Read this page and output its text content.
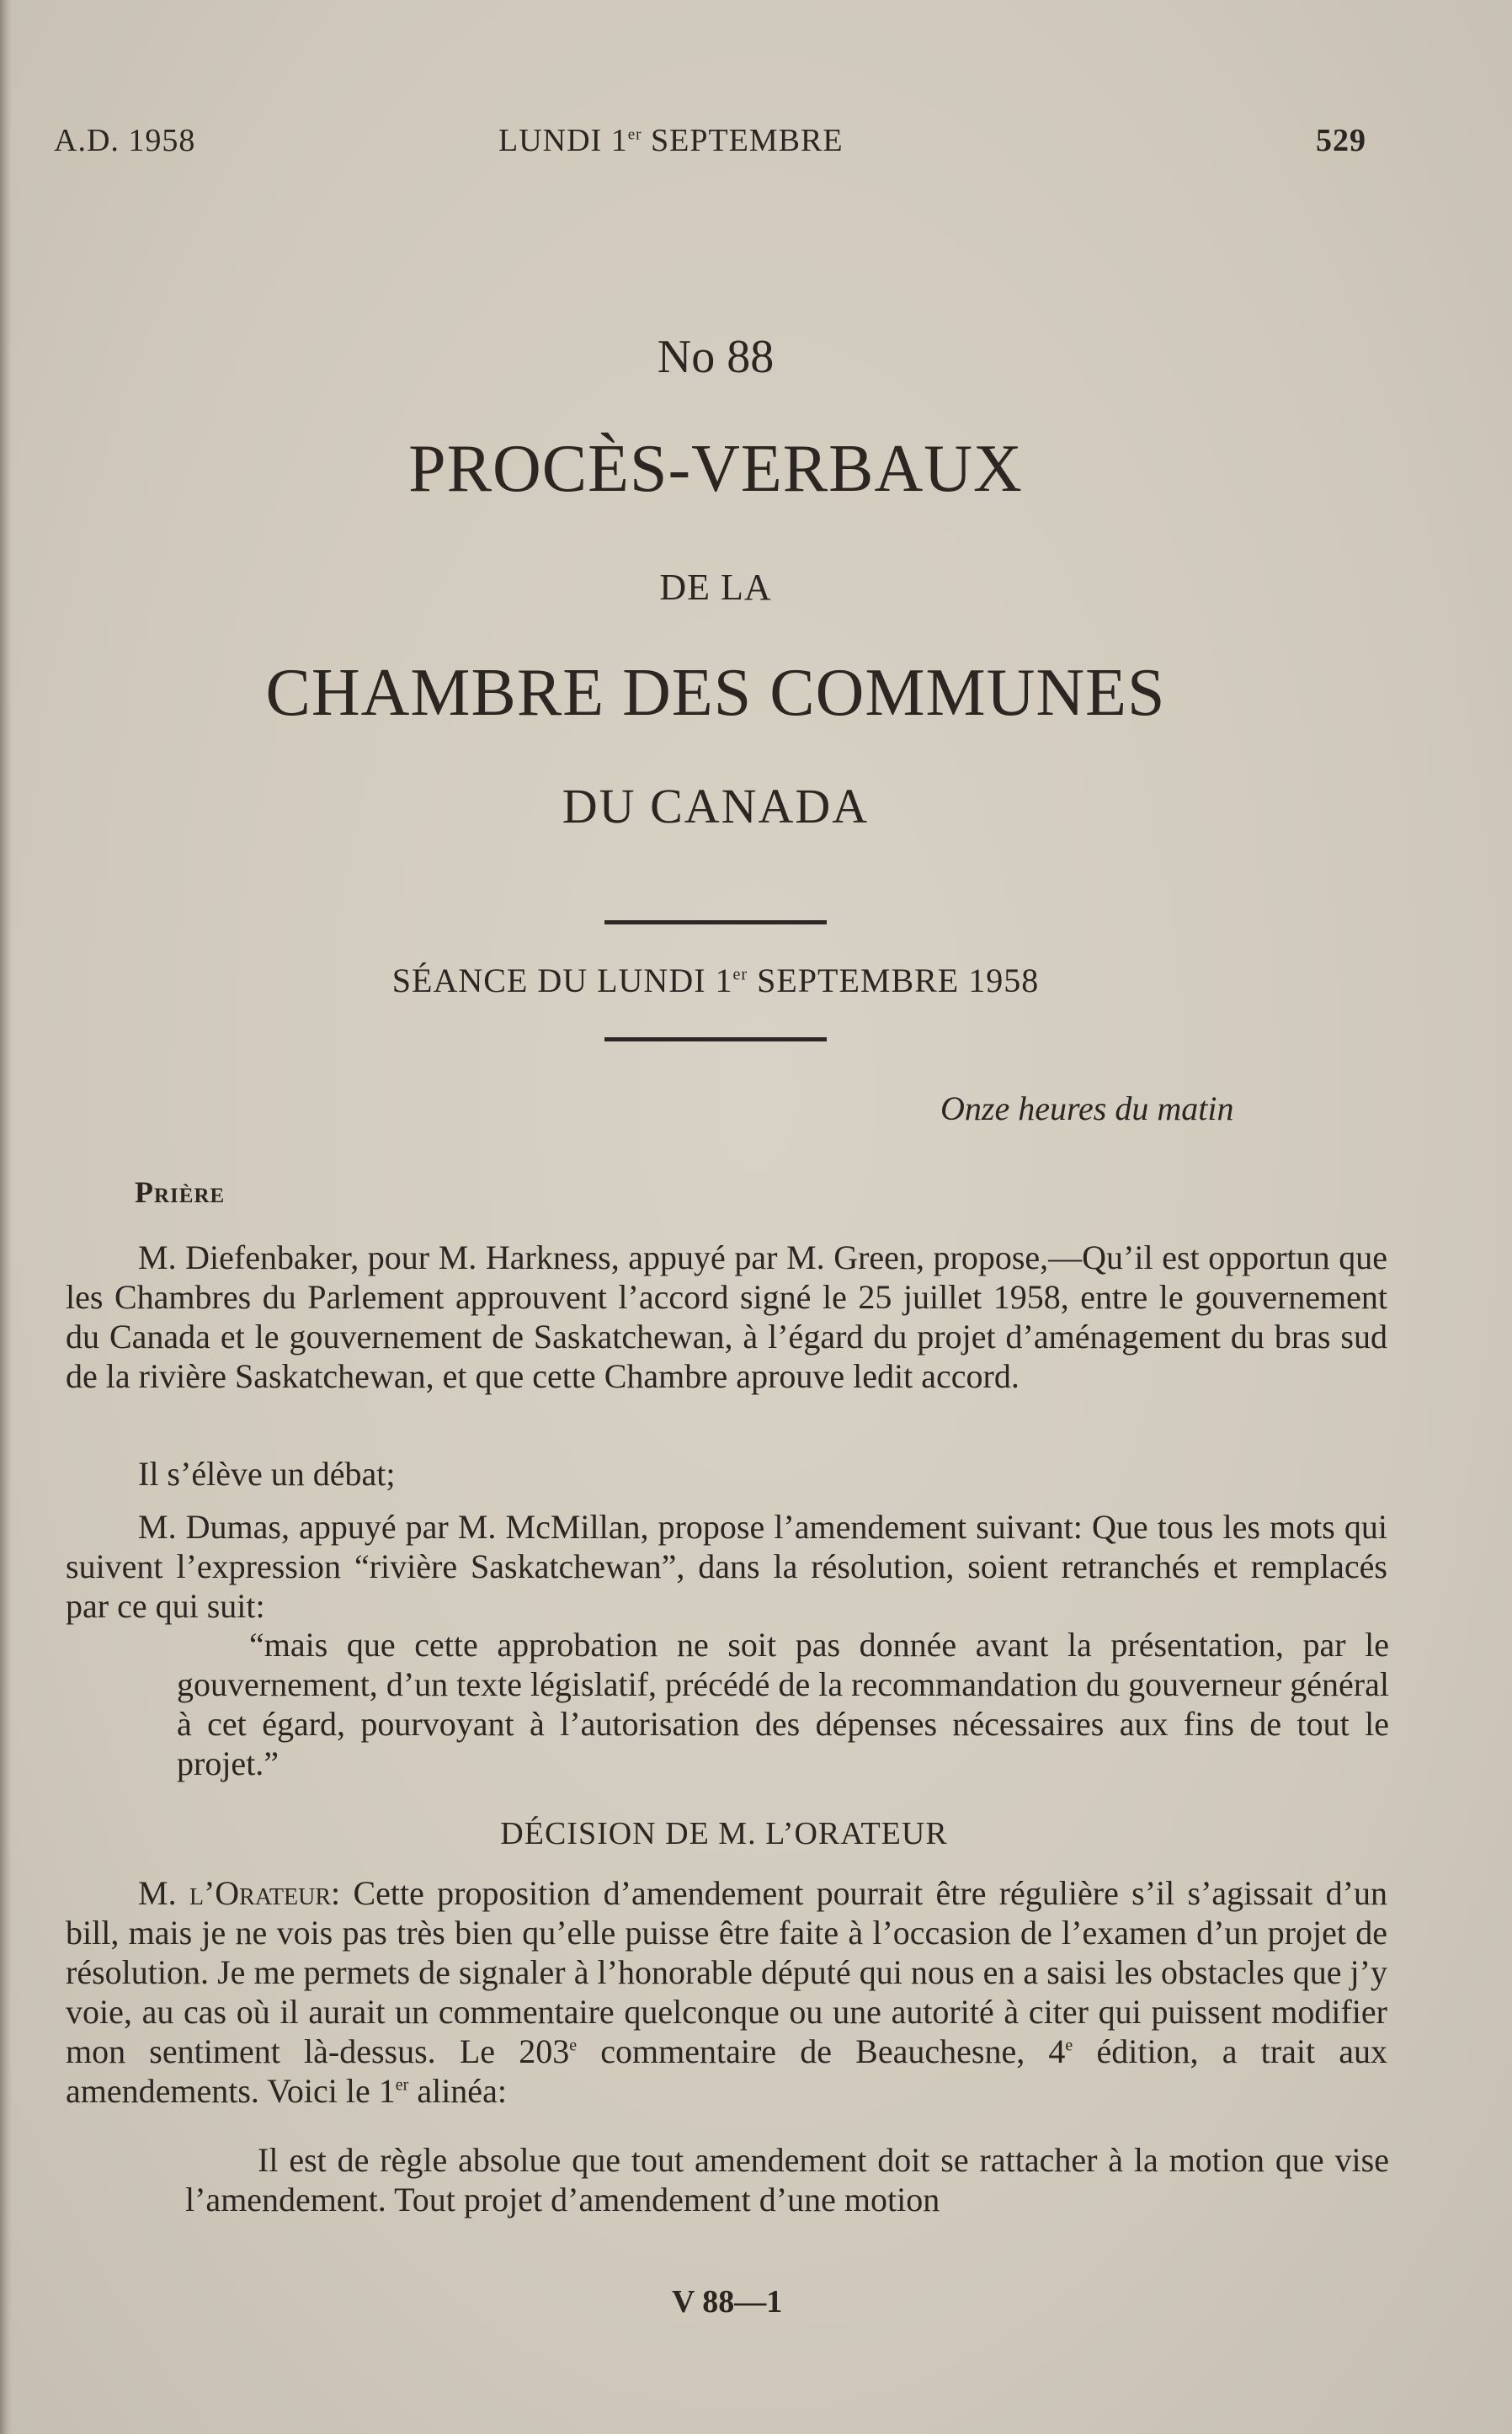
A.D. 1958	LUNDI 1er SEPTEMBRE	529
No 88
PROCÈS-VERBAUX
DE LA
CHAMBRE DES COMMUNES
DU CANADA
SÉANCE DU LUNDI 1er SEPTEMBRE 1958
Onze heures du matin
Prière

M. Diefenbaker, pour M. Harkness, appuyé par M. Green, propose,—Qu’il est opportun que les Chambres du Parlement approuvent l’accord signé le 25 juillet 1958, entre le gouvernement du Canada et le gouvernement de Saskatchewan, à l’égard du projet d’aménagement du bras sud de la rivière Saskatchewan, et que cette Chambre aprouve ledit accord.

Il s’élève un débat;

M. Dumas, appuyé par M. McMillan, propose l’amendement suivant: Que tous les mots qui suivent l’expression “rivière Saskatchewan”, dans la résolution, soient retranchés et remplacés par ce qui suit:

“mais que cette approbation ne soit pas donnée avant la présentation, par le gouvernement, d’un texte législatif, précédé de la recommandation du gouverneur général à cet égard, pourvoyant à l’autorisation des dépenses nécessaires aux fins de tout le projet.”

DÉCISION DE M. L’ORATEUR

M. l’Orateur: Cette proposition d’amendement pourrait être régulière s’il s’agissait d’un bill, mais je ne vois pas très bien qu’elle puisse être faite à l’occasion de l’examen d’un projet de résolution. Je me permets de signaler à l’honorable député qui nous en a saisi les obstacles que j’y voie, au cas où il aurait un commentaire quelconque ou une autorité à citer qui puissent modifier mon sentiment là-dessus. Le 203e commentaire de Beauchesne, 4e édition, a trait aux amendements. Voici le 1er alinéa:

Il est de règle absolue que tout amendement doit se rattacher à la motion que vise l’amendement. Tout projet d’amendement d’une motion

V 88—1
